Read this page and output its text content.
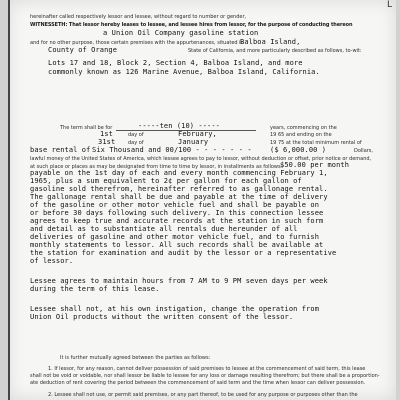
L
hereinafter called respectively lessor and lessee, without regard to number or gender,
WITNESSETH: That lessor hereby leases to lessee, and lessee hires from lessor, for the purpose of conducting thereon
a Union Oil Company gasoline station
and for no other purpose, those certain premises with the appurtenances, situated in
Balboa Island,
County of Orange	State of California, and more particularly described as follows, to-wit:
Lots 17 and 18, Block 2, Section 4, Balboa Island, and more
commonly known as 126 Marine Avenue, Balboa Island, California.
The term shall be for	-----ten (10) -----	years, commencing on the
1st	day of	February,	19 65 and ending on the
31st	day of	January	19 75 at the total minimum rental of
base rental of Six Thousand and 00/100 - - - - - - -	($ 6,000.00 )	Dollars,
lawful money of the United States of America, which lessee agrees to pay to lessor, without deduction or offset, prior notice or demand,
at such place or places as may be designated from time to time by lessor, in installments as follows:
$50.00 per month
payable on the 1st day of each and every month commencing February 1,
1965, plus a sum equivalent to 2¢ per gallon for each gallon of
gasoline sold therefrom, hereinafter referred to as gallonage rental.
The gallonage rental shall be due and payable at the time of delivery
of the gasoline or other motor vehicle fuel and shall be payable on
or before 30 days following such delivery. In this connection lessee
agrees to keep true and accurate records at the station in such form
and detail as to substantiate all rentals due hereunder of all
deliveries of gasoline and other motor vehicle fuel, and to furnish
monthly statements to lessor. All such records shall be available at
the station for examination and audit by the lessor or a representative
of lessor.
Lessee agrees to maintain hours from 7 AM to 9 PM seven days per week
during the term of this lease.
Lessee shall not, at his own instigation, change the operation from
Union Oil products without the written consent of the lessor.
It is further mutually agreed between the parties as follows:
1. If lessor, for any reason, cannot deliver possession of said premises to lessee at the commencement of said term, this lease
shall not be void or voidable, nor shall lessor be liable to lessee for any loss or damage resulting therefrom; but there shall be a proportion-
ate deduction of rent covering the period between the commencement of said term and the time when lessor can deliver possession.
2. Lessee shall not use, or permit said premises, or any part thereof, to be used for any purpose or purposes other than the
